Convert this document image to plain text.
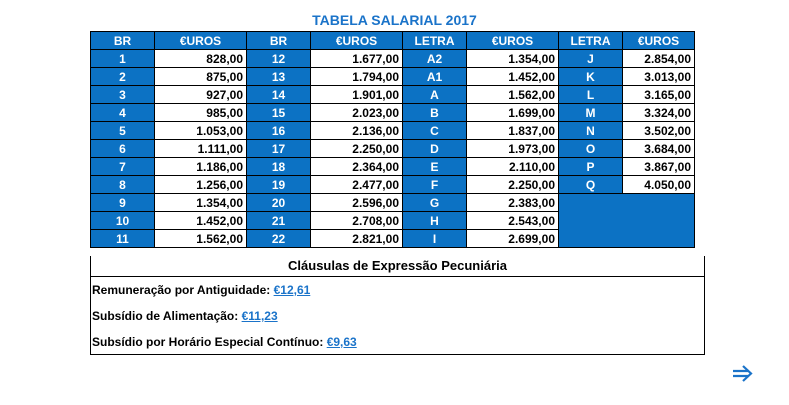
TABELA SALARIAL 2017
BR	€UROS	BR	€UROS	LETRA	€UROS	LETRA	€UROS
1	828,00	12	1.677,00	A2	1.354,00	J	2.854,00
2	875,00	13	1.794,00	A1	1.452,00	K	3.013,00
3	927,00	14	1.901,00	A	1.562,00	L	3.165,00
4	985,00	15	2.023,00	B	1.699,00	M	3.324,00
5	1.053,00	16	2.136,00	C	1.837,00	N	3.502,00
6	1.111,00	17	2.250,00	D	1.973,00	O	3.684,00
7	1.186,00	18	2.364,00	E	2.110,00	P	3.867,00
8	1.256,00	19	2.477,00	F	2.250,00	Q	4.050,00
9	1.354,00	20	2.596,00	G	2.383,00		
10	1.452,00	21	2.708,00	H	2.543,00		
11	1.562,00	22	2.821,00	I	2.699,00		
Cláusulas de Expressão Pecuniária
Remuneração por Antiguidade: €12,61
Subsídio de Alimentação: €11,23
Subsídio por Horário Especial Contínuo: €9,63
